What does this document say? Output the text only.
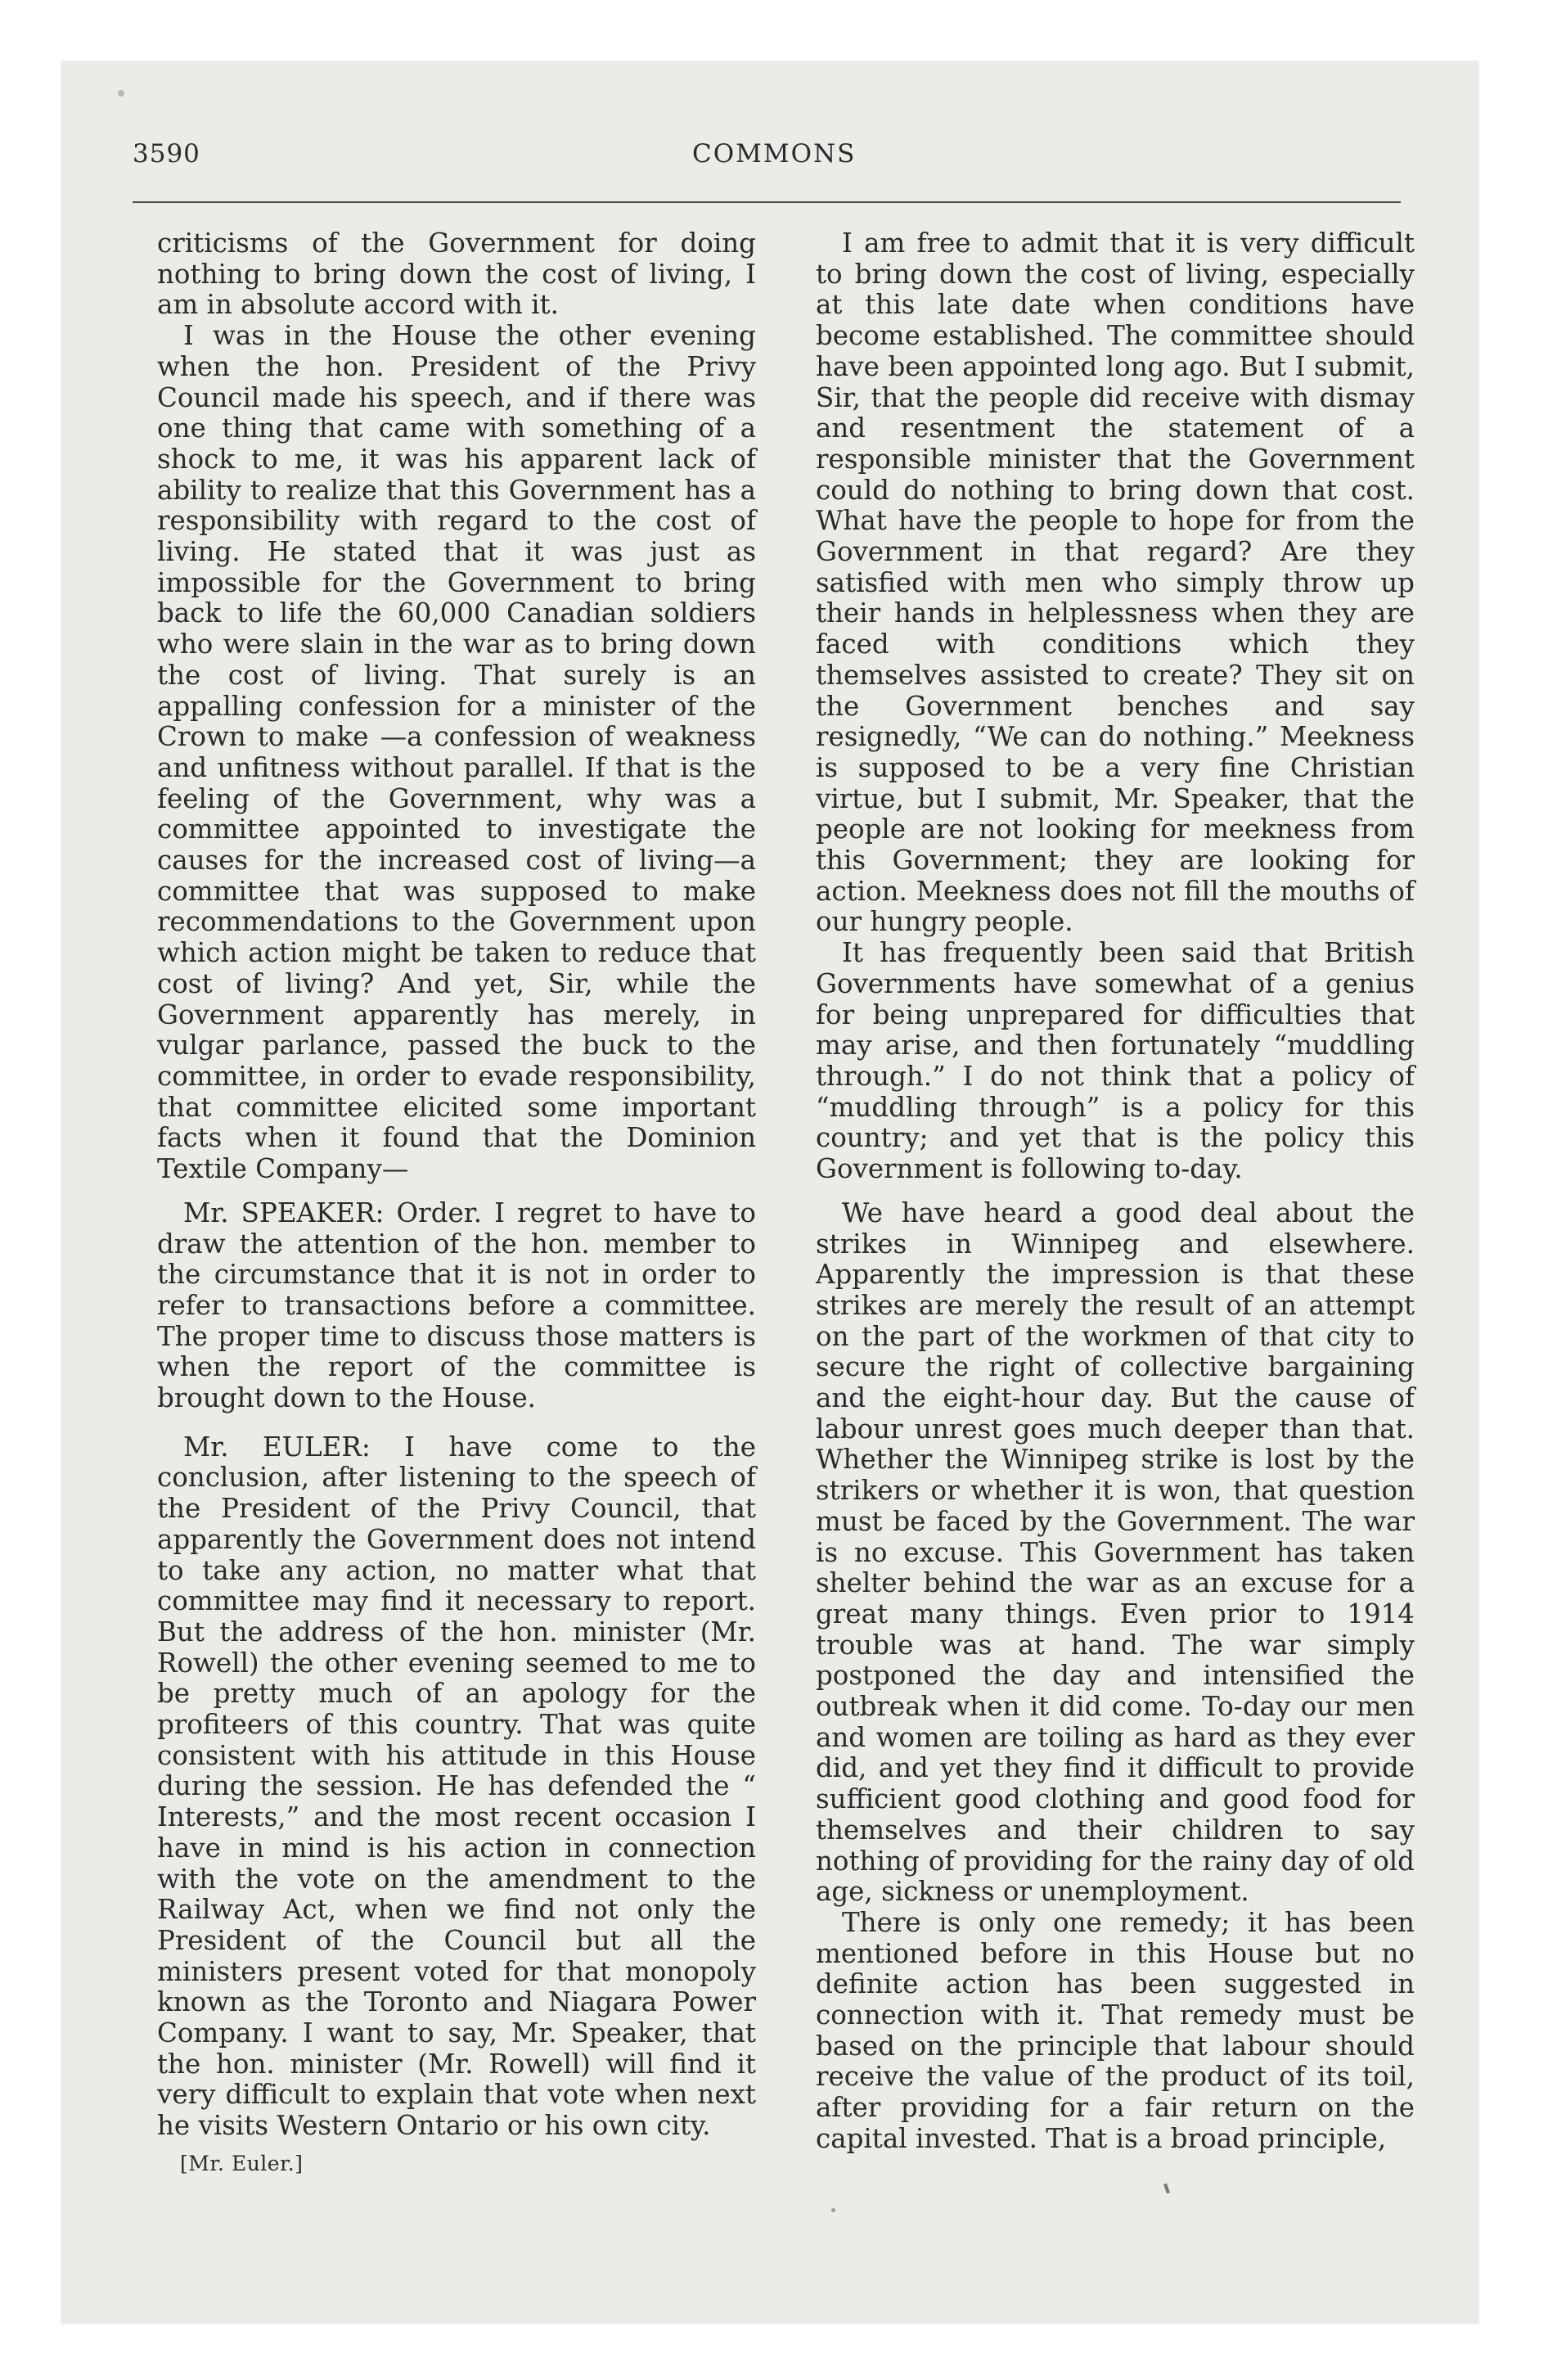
3590	COMMONS

criticisms of the Government for doing nothing to bring down the cost of living, I am in absolute accord with it.

I was in the House the other evening when the hon. President of the Privy Council made his speech, and if there was one thing that came with something of a shock to me, it was his apparent lack of ability to realize that this Government has a responsibility with regard to the cost of living. He stated that it was just as impossible for the Government to bring back to life the 60,000 Canadian soldiers who were slain in the war as to bring down the cost of living. That surely is an appalling confession for a minister of the Crown to make —a confession of weakness and unfitness without parallel. If that is the feeling of the Government, why was a committee appointed to investigate the causes for the increased cost of living—a committee that was supposed to make recommendations to the Government upon which action might be taken to reduce that cost of living? And yet, Sir, while the Government apparently has merely, in vulgar parlance, passed the buck to the committee, in order to evade responsibility, that committee elicited some important facts when it found that the Dominion Textile Company—

Mr. SPEAKER: Order. I regret to have to draw the attention of the hon. member to the circumstance that it is not in order to refer to transactions before a committee. The proper time to discuss those matters is when the report of the committee is brought down to the House.

Mr. EULER: I have come to the conclusion, after listening to the speech of the President of the Privy Council, that apparently the Government does not intend to take any action, no matter what that committee may find it necessary to report. But the address of the hon. minister (Mr. Rowell) the other evening seemed to me to be pretty much of an apology for the profiteers of this country. That was quite consistent with his attitude in this House during the session. He has defended the “ Interests,” and the most recent occasion I have in mind is his action in connection with the vote on the amendment to the Railway Act, when we find not only the President of the Council but all the ministers present voted for that monopoly known as the Toronto and Niagara Power Company. I want to say, Mr. Speaker, that the hon. minister (Mr. Rowell) will find it very difficult to explain that vote when next he visits Western Ontario or his own city.

[Mr. Euler.]

I am free to admit that it is very difficult to bring down the cost of living, especially at this late date when conditions have become established. The committee should have been appointed long ago. But I submit, Sir, that the people did receive with dismay and resentment the statement of a responsible minister that the Government could do nothing to bring down that cost. What have the people to hope for from the Government in that regard? Are they satisfied with men who simply throw up their hands in helplessness when they are faced with conditions which they themselves assisted to create? They sit on the Government benches and say resignedly, “We can do nothing.” Meekness is supposed to be a very fine Christian virtue, but I submit, Mr. Speaker, that the people are not looking for meekness from this Government; they are looking for action. Meekness does not fill the mouths of our hungry people.

It has frequently been said that British Governments have somewhat of a genius for being unprepared for difficulties that may arise, and then fortunately “muddling through.” I do not think that a policy of “muddling through” is a policy for this country; and yet that is the policy this Government is following to-day.

We have heard a good deal about the strikes in Winnipeg and elsewhere. Apparently the impression is that these strikes are merely the result of an attempt on the part of the workmen of that city to secure the right of collective bargaining and the eight-hour day. But the cause of labour unrest goes much deeper than that. Whether the Winnipeg strike is lost by the strikers or whether it is won, that question must be faced by the Government. The war is no excuse. This Government has taken shelter behind the war as an excuse for a great many things. Even prior to 1914 trouble was at hand. The war simply postponed the day and intensified the outbreak when it did come. To-day our men and women are toiling as hard as they ever did, and yet they find it difficult to provide sufficient good clothing and good food for themselves and their children to say nothing of providing for the rainy day of old age, sickness or unemployment.

There is only one remedy; it has been mentioned before in this House but no definite action has been suggested in connection with it. That remedy must be based on the principle that labour should receive the value of the product of its toil, after providing for a fair return on the capital invested. That is a broad principle,
